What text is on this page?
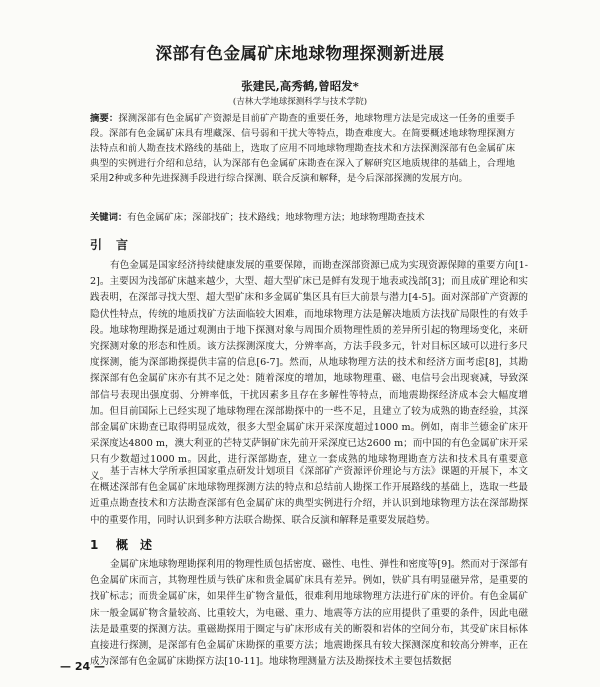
深部有色金属矿床地球物理探测新进展
张建民,高秀鹤,曾昭发*
(吉林大学地球探测科学与技术学院)
摘要：探测深部有色金属矿产资源是目前矿产勘查的重要任务，地球物理方法是完成这一任务的重要手段。深部有色金属矿床具有埋藏深、信号弱和干扰大等特点，勘查难度大。在简要概述地球物理探测方法特点和前人勘查技术路线的基础上，选取了应用不同地球物理勘查技术和方法探测深部有色金属矿床典型的实例进行介绍和总结，认为深部有色金属矿床勘查在深入了解研究区地质规律的基础上，合理地采用2种或多种先进探测手段进行综合探测、联合反演和解释，是今后深部探测的发展方向。
关键词：有色金属矿床；深部找矿；技术路线；地球物理方法；地球物理勘查技术
引 言

有色金属是国家经济持续健康发展的重要保障，而勘查深部资源已成为实现资源保障的重要方向[1-2]。主要因为浅部矿床越来越少，大型、超大型矿床已是鲜有发现于地表或浅部[3]；而且成矿理论和实践表明，在深部寻找大型、超大型矿床和多金属矿集区具有巨大前景与潜力[4-5]。面对深部矿产资源的隐伏性特点，传统的地质找矿方法面临较大困难，而地球物理方法是解决地质方法找矿局限性的有效手段。地球物理勘探是通过观测由于地下探测对象与周围介质物理性质的差异所引起的物理场变化，来研究探测对象的形态和性质。该方法探测深度大，分辨率高，方法手段多元，针对目标区域可以进行多尺度探测，能为深部勘探提供丰富的信息[6-7]。然而，从地球物理方法的技术和经济方面考虑[8]，其勘探深部有色金属矿床亦有其不足之处：随着深度的增加，地球物理重、磁、电信号会出现衰减，导致深部信号表现出强度弱、分辨率低，干扰因素多且存在多解性等特点，而地震勘探经济成本会大幅度增加。但目前国际上已经实现了地球物理在深部勘探中的一些不足，且建立了较为成熟的勘查经验，其深部金属矿床勘查已取得明显成效，很多大型金属矿床开采深度超过1000 m。例如，南非兰德金矿床开采深度达4800 m，澳大利亚的芒特艾萨铜矿床先前开采深度已达2600 m；而中国的有色金属矿床开采只有少数超过1000 m。因此，进行深部勘查，建立一套成熟的地球物理勘查方法和技术具有重要意义。 基于吉林大学所承担国家重点研发计划项目《深部矿产资源评价理论与方法》课题的开展下，本文在概述深部有色金属矿床地球物理探测方法的特点和总结前人勘探工作开展路线的基础上，选取一些最近重点勘查技术和方法勘查深部有色金属矿床的典型实例进行介绍，并认识到地球物理方法在深部勘探中的重要作用，同时认识到多种方法联合勘探、联合反演和解释是重要发展趋势。

1 概　述

金属矿床地球物理勘探利用的物理性质包括密度、磁性、电性、弹性和密度等[9]。然而对于深部有色金属矿床而言，其物理性质与铁矿床和贵金属矿床具有差异。例如，铁矿具有明显磁异常，是重要的找矿标志；而贵金属矿床，如果伴生矿物含量低，很难利用地球物理方法进行矿床的评价。有色金属矿床一般金属矿物含量较高、比重较大，为电磁、重力、地震等方法的应用提供了重要的条件，因此电磁法是最重要的探测方法。重磁勘探用于圈定与矿床形成有关的断裂和岩体的空间分布，其受矿床目标体直接进行探测，是深部有色金属矿床勘探的重要方法；地震勘探具有较大探测深度和较高分辨率，正在成为深部有色金属矿床勘探方法[10-11]。地球物理测量方法及勘探技术主要包括数据

— 24 —
